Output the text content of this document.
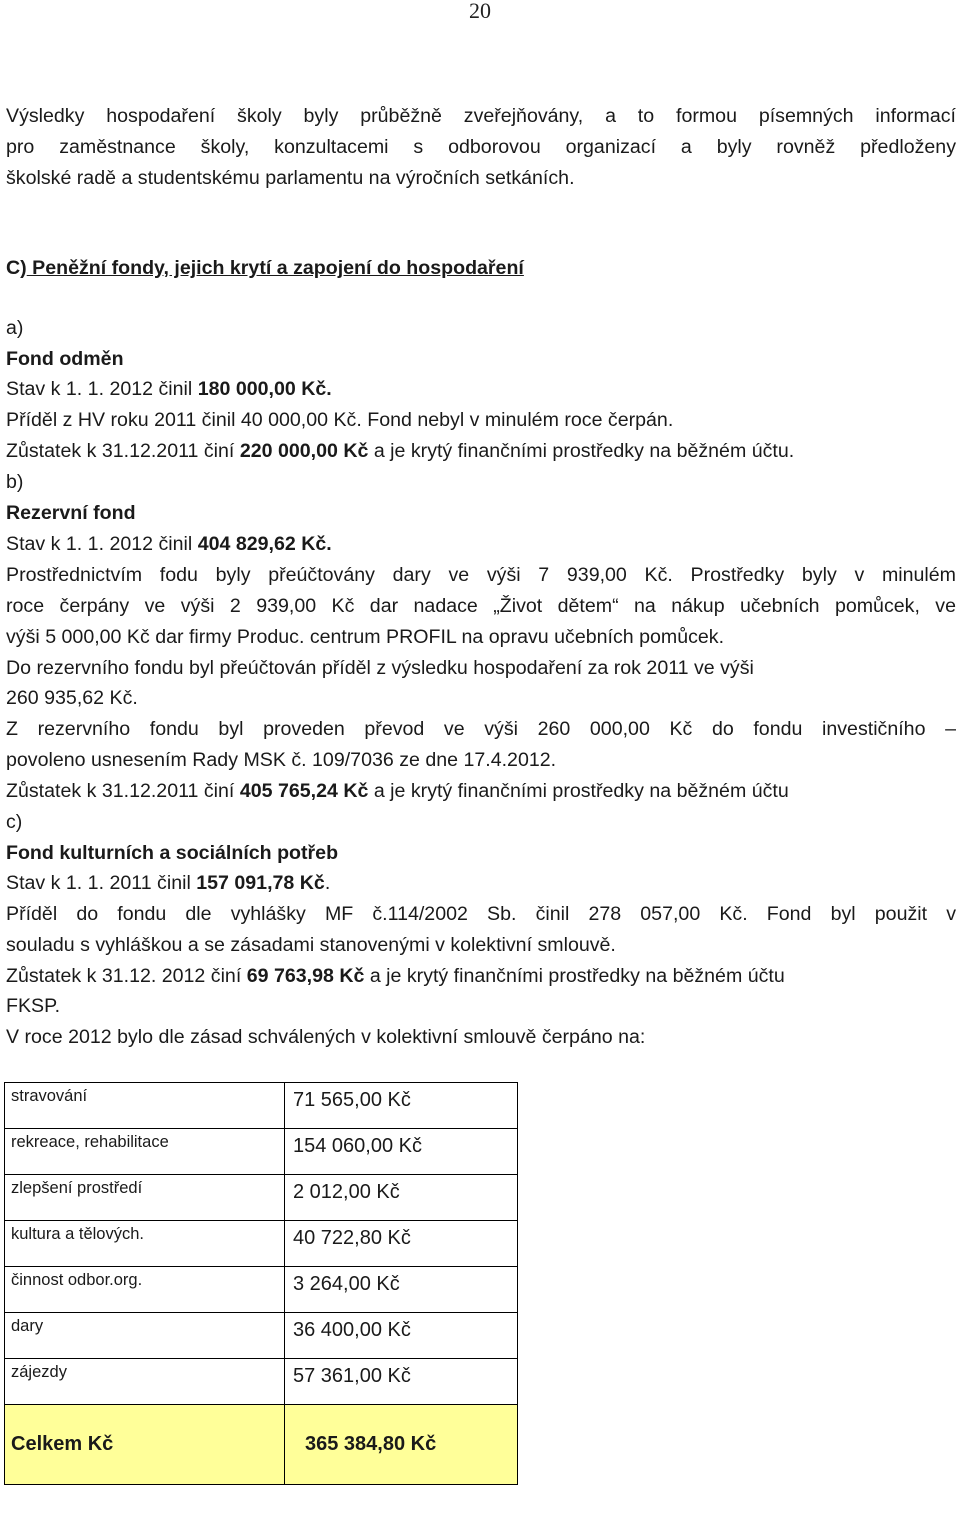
20
Výsledky hospodaření školy byly průběžně zveřejňovány, a to formou písemných informací
pro zaměstnance školy, konzultacemi s odborovou organizací a byly rovněž předloženy
školské radě a studentskému parlamentu na výročních setkáních.
C) Peněžní fondy, jejich krytí a zapojení do hospodaření
a)
Fond odměn
Stav k 1. 1. 2012 činil 180 000,00 Kč.
Příděl z HV roku 2011 činil 40 000,00 Kč. Fond nebyl v minulém roce čerpán.
Zůstatek k 31.12.2011 činí 220 000,00 Kč a je krytý finančními prostředky na běžném účtu.
b)
Rezervní fond
Stav k 1. 1. 2012 činil 404 829,62 Kč.
Prostřednictvím fodu byly přeúčtovány dary ve výši 7 939,00 Kč. Prostředky byly v minulém
roce čerpány ve výši 2 939,00 Kč dar nadace „Život dětem“ na nákup učebních pomůcek, ve
výši 5 000,00 Kč dar firmy Produc. centrum PROFIL na opravu učebních pomůcek.
Do rezervního fondu byl přeúčtován příděl z výsledku hospodaření za rok 2011 ve výši
260 935,62 Kč.
Z rezervního fondu byl proveden převod ve výši 260 000,00 Kč do fondu investičního –
povoleno usnesením Rady MSK č. 109/7036 ze dne 17.4.2012.
Zůstatek k 31.12.2011 činí 405 765,24 Kč a je krytý finančními prostředky na běžném účtu
c)
Fond kulturních a sociálních potřeb
Stav k 1. 1. 2011 činil 157 091,78 Kč.
Příděl do fondu dle vyhlášky MF č.114/2002 Sb. činil 278 057,00 Kč. Fond byl použit v
souladu s vyhláškou a se zásadami stanovenými v kolektivní smlouvě.
Zůstatek k 31.12. 2012 činí 69 763,98 Kč a je krytý finančními prostředky na běžném účtu
FKSP.
V roce 2012 bylo dle zásad schválených v kolektivní smlouvě čerpáno na:
stravování	71 565,00 Kč
rekreace, rehabilitace	154 060,00 Kč
zlepšení prostředí	2 012,00 Kč
kultura a tělových.	40 722,80 Kč
činnost odbor.org.	3 264,00 Kč
dary	36 400,00 Kč
zájezdy	57 361,00 Kč
Celkem Kč	365 384,80 Kč
